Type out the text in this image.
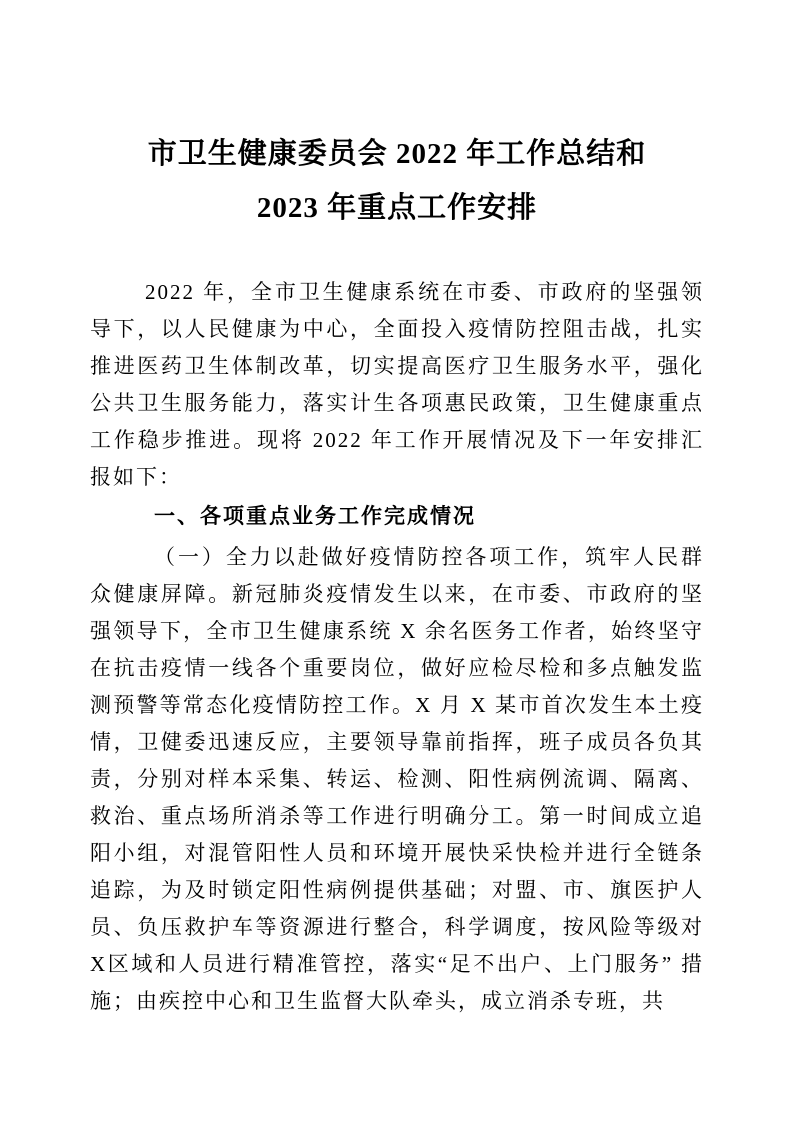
市卫生健康委员会 2022 年工作总结和
2023 年重点工作安排

2022 年，全市卫生健康系统在市委、市政府的坚强领导下，以人民健康为中心，全面投入疫情防控阻击战，扎实推进医药卫生体制改革，切实提高医疗卫生服务水平，强化公共卫生服务能力，落实计生各项惠民政策，卫生健康重点工作稳步推进。现将 2022 年工作开展情况及下一年安排汇报如下：

一、各项重点业务工作完成情况

（一）全力以赴做好疫情防控各项工作，筑牢人民群众健康屏障。新冠肺炎疫情发生以来，在市委、市政府的坚强领导下，全市卫生健康系统 X 余名医务工作者，始终坚守在抗击疫情一线各个重要岗位，做好应检尽检和多点触发监测预警等常态化疫情防控工作。X 月 X 某市首次发生本土疫情，卫健委迅速反应，主要领导靠前指挥，班子成员各负其责，分别对样本采集、转运、检测、阳性病例流调、隔离、救治、重点场所消杀等工作进行明确分工。第一时间成立追阳小组，对混管阳性人员和环境开展快采快检并进行全链条追踪，为及时锁定阳性病例提供基础；对盟、市、旗医护人 员、负压救护车等资源进行整合，科学调度，按风险等级对X区域和人员进行精准管控，落实“足不出户、上门服务” 措施；由疾控中心和卫生监督大队牵头，成立消杀专班，共
